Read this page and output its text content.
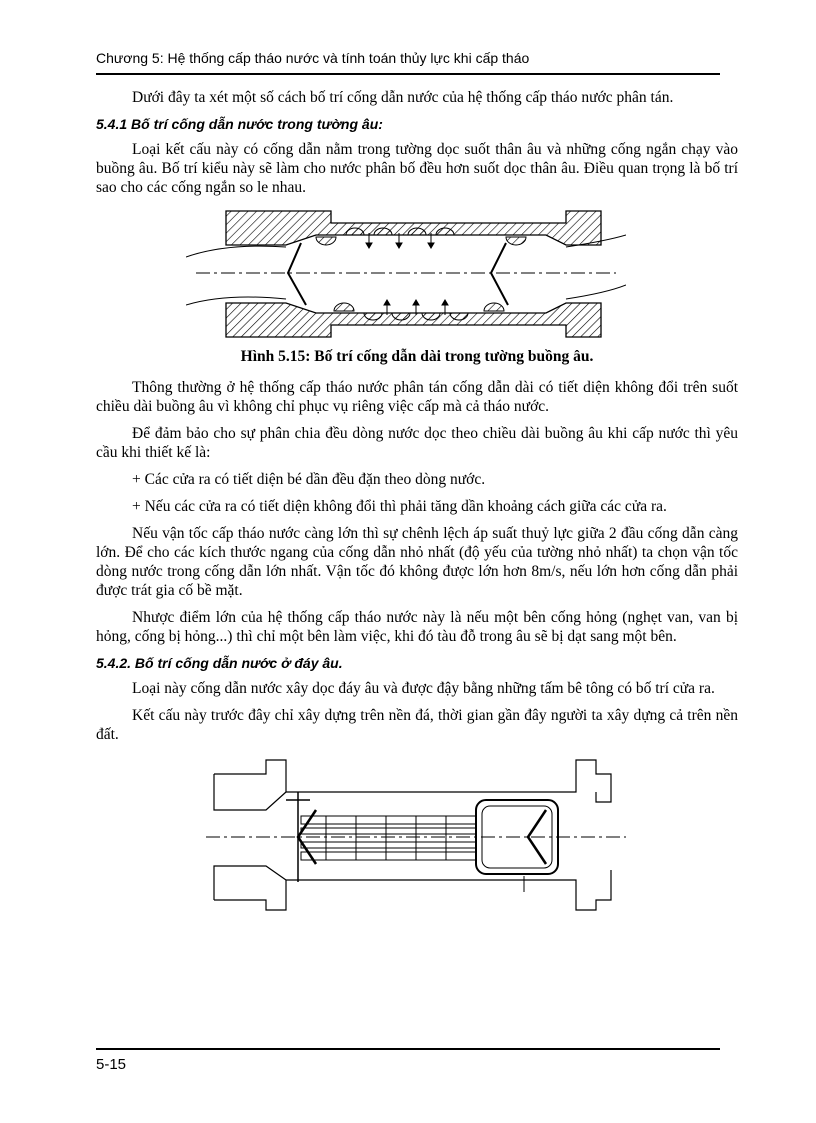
Chương 5: Hệ thống cấp tháo nước và tính toán thủy lực khi cấp tháo

Dưới đây ta xét một số cách bố trí cống dẫn nước của hệ thống cấp tháo nước phân tán.

5.4.1 Bố trí cống dẫn nước trong tường âu:

Loại kết cấu này có cống dẫn nằm trong tường dọc suốt thân âu và những cống ngắn chạy vào buồng âu. Bố trí kiểu này sẽ làm cho nước phân bố đều hơn suốt dọc thân âu. Điều quan trọng là bố trí sao cho các cống ngắn so le nhau.

Hình 5.15: Bố trí cống dẫn dài trong tường buồng âu.

Thông thường ở hệ thống cấp tháo nước phân tán cống dẫn dài có tiết diện không đổi trên suốt chiều dài buồng âu vì không chỉ phục vụ riêng việc cấp mà cả tháo nước.

Để đảm bảo cho sự phân chia đều dòng nước dọc theo chiều dài buồng âu khi cấp nước thì yêu cầu khi thiết kế là:

+ Các cửa ra có tiết diện bé dần đều đặn theo dòng nước.

+ Nếu các cửa ra có tiết diện không đổi thì phải tăng dần khoảng cách giữa các cửa ra.

Nếu vận tốc cấp tháo nước càng lớn thì sự chênh lệch áp suất thuỷ lực giữa 2 đầu cống dẫn càng lớn. Để cho các kích thước ngang của cống dẫn nhỏ nhất (độ yếu của tường nhỏ nhất) ta chọn vận tốc dòng nước trong cống dẫn lớn nhất. Vận tốc đó không được lớn hơn 8m/s, nếu lớn hơn cống dẫn phải được trát gia cố bề mặt.

Nhược điểm lớn của hệ thống cấp tháo nước này là nếu một bên cống hỏng (nghẹt van, van bị hỏng, cống bị hỏng...) thì chỉ một bên làm việc, khi đó tàu đỗ trong âu sẽ bị dạt sang một bên.

5.4.2. Bố trí cống dẫn nước ở đáy âu.

Loại này cống dẫn nước xây dọc đáy âu và được đậy bằng những tấm bê tông có bố trí cửa ra.

Kết cấu này trước đây chỉ xây dựng trên nền đá, thời gian gần đây người ta xây dựng cả trên nền đất.

5-15
